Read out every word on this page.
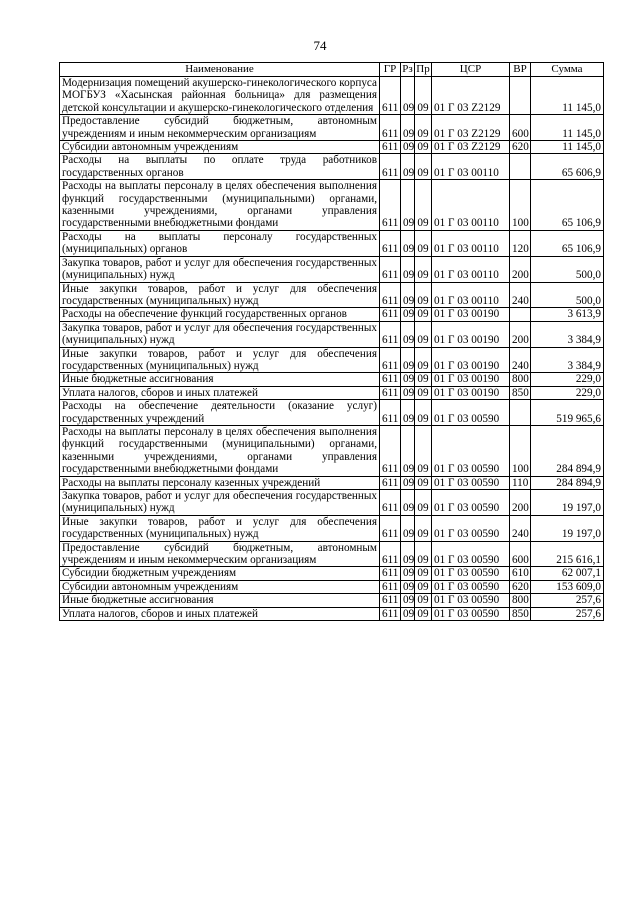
74
Наименование	ГР	Рз	Пр	ЦСР	ВР	Сумма
Модернизация помещений акушерско-гинекологического корпуса МОГБУЗ «Хасынская районная больница» для размещения детской консультации и акушерско-гинекологического отделения	611	09	09	01 Г 03 Z2129		11 145,0
Предоставление субсидий бюджетным, автономным учреждениям и иным некоммерческим организациям	611	09	09	01 Г 03 Z2129	600	11 145,0
Субсидии автономным учреждениям	611	09	09	01 Г 03 Z2129	620	11 145,0
Расходы на выплаты по оплате труда работников государственных органов	611	09	09	01 Г 03 00110		65 606,9
Расходы на выплаты персоналу в целях обеспечения выполнения функций государственными (муниципальными) органами, казенными учреждениями, органами управления государственными внебюджетными фондами	611	09	09	01 Г 03 00110	100	65 106,9
Расходы на выплаты персоналу государственных (муниципальных) органов	611	09	09	01 Г 03 00110	120	65 106,9
Закупка товаров, работ и услуг для обеспечения государственных (муниципальных) нужд	611	09	09	01 Г 03 00110	200	500,0
Иные закупки товаров, работ и услуг для обеспечения государственных (муниципальных) нужд	611	09	09	01 Г 03 00110	240	500,0
Расходы на обеспечение функций государственных органов	611	09	09	01 Г 03 00190		3 613,9
Закупка товаров, работ и услуг для обеспечения государственных (муниципальных) нужд	611	09	09	01 Г 03 00190	200	3 384,9
Иные закупки товаров, работ и услуг для обеспечения государственных (муниципальных) нужд	611	09	09	01 Г 03 00190	240	3 384,9
Иные бюджетные ассигнования	611	09	09	01 Г 03 00190	800	229,0
Уплата налогов, сборов и иных платежей	611	09	09	01 Г 03 00190	850	229,0
Расходы на обеспечение деятельности (оказание услуг) государственных учреждений	611	09	09	01 Г 03 00590		519 965,6
Расходы на выплаты персоналу в целях обеспечения выполнения функций государственными (муниципальными) органами, казенными учреждениями, органами управления государственными внебюджетными фондами	611	09	09	01 Г 03 00590	100	284 894,9
Расходы на выплаты персоналу казенных учреждений	611	09	09	01 Г 03 00590	110	284 894,9
Закупка товаров, работ и услуг для обеспечения государственных (муниципальных) нужд	611	09	09	01 Г 03 00590	200	19 197,0
Иные закупки товаров, работ и услуг для обеспечения государственных (муниципальных) нужд	611	09	09	01 Г 03 00590	240	19 197,0
Предоставление субсидий бюджетным, автономным учреждениям и иным некоммерческим организациям	611	09	09	01 Г 03 00590	600	215 616,1
Субсидии бюджетным учреждениям	611	09	09	01 Г 03 00590	610	62 007,1
Субсидии автономным учреждениям	611	09	09	01 Г 03 00590	620	153 609,0
Иные бюджетные ассигнования	611	09	09	01 Г 03 00590	800	257,6
Уплата налогов, сборов и иных платежей	611	09	09	01 Г 03 00590	850	257,6
